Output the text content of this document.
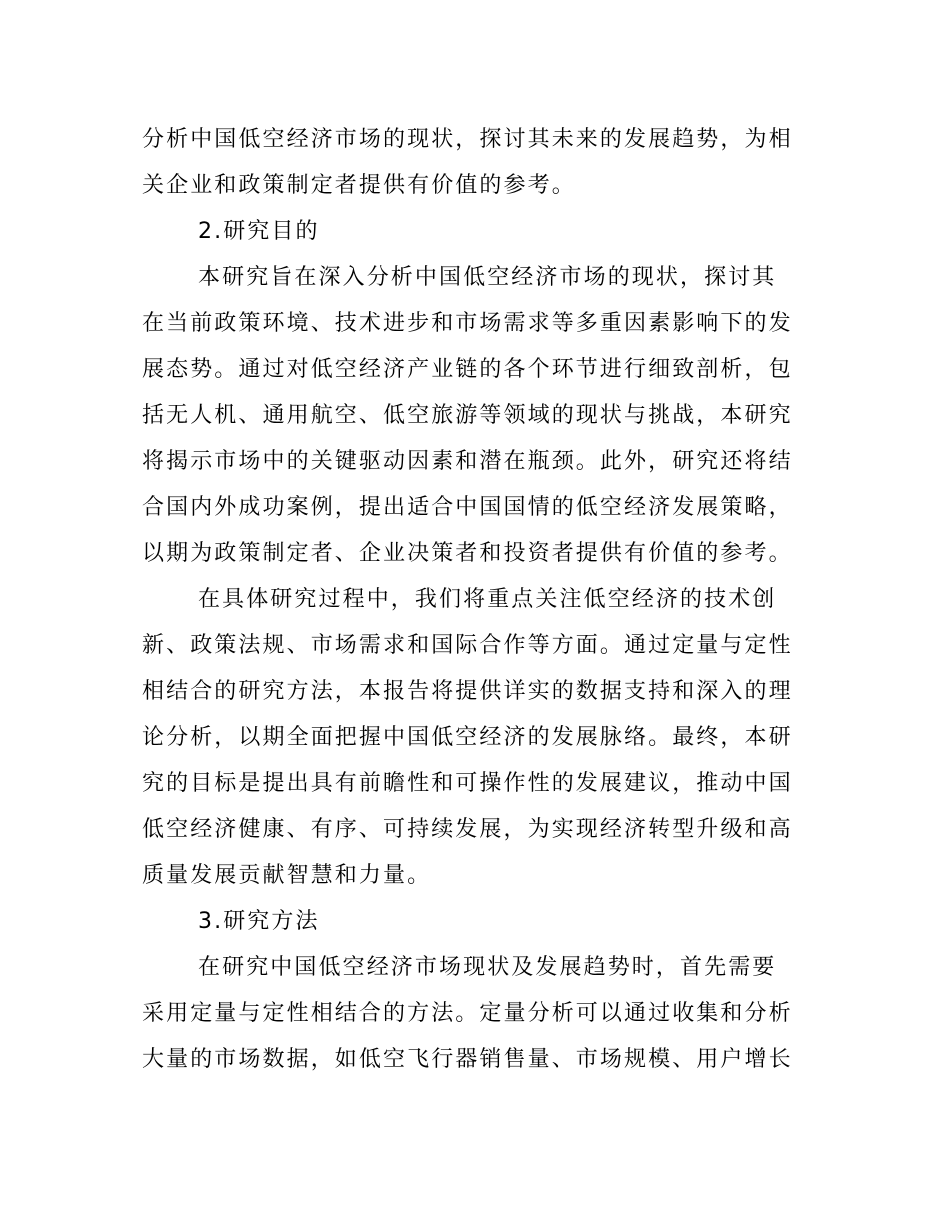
分析中国低空经济市场的现状，探讨其未来的发展趋势，为相
关企业和政策制定者提供有价值的参考。
2.研究目的
本研究旨在深入分析中国低空经济市场的现状，探讨其
在当前政策环境、技术进步和市场需求等多重因素影响下的发
展态势。通过对低空经济产业链的各个环节进行细致剖析，包
括无人机、通用航空、低空旅游等领域的现状与挑战，本研究
将揭示市场中的关键驱动因素和潜在瓶颈。此外，研究还将结
合国内外成功案例，提出适合中国国情的低空经济发展策略，
以期为政策制定者、企业决策者和投资者提供有价值的参考。
在具体研究过程中，我们将重点关注低空经济的技术创
新、政策法规、市场需求和国际合作等方面。通过定量与定性
相结合的研究方法，本报告将提供详实的数据支持和深入的理
论分析，以期全面把握中国低空经济的发展脉络。最终，本研
究的目标是提出具有前瞻性和可操作性的发展建议，推动中国
低空经济健康、有序、可持续发展，为实现经济转型升级和高
质量发展贡献智慧和力量。
3.研究方法
在研究中国低空经济市场现状及发展趋势时，首先需要
采用定量与定性相结合的方法。定量分析可以通过收集和分析
大量的市场数据，如低空飞行器销售量、市场规模、用户增长
